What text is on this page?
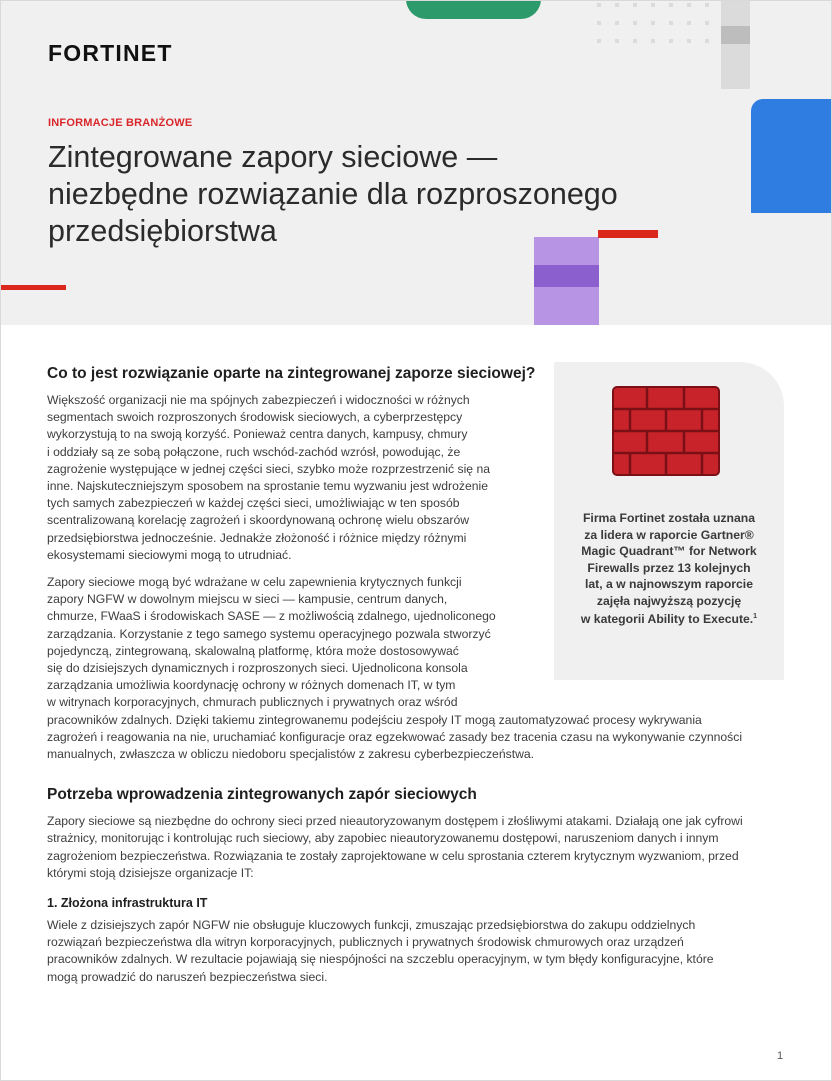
FORTINET
INFORMACJE BRANŻOWE
Zintegrowane zapory sieciowe —
niezbędne rozwiązanie dla rozproszonego
przedsiębiorstwa
Firma Fortinet została uznana
za lidera w raporcie Gartner®
Magic Quadrant™ for Network
Firewalls przez 13 kolejnych
lat, a w najnowszym raporcie
zajęła najwyższą pozycję
w kategorii Ability to Execute.$^1$
Co to jest rozwiązanie oparte na zintegrowanej zaporze sieciowej?

Większość organizacji nie ma spójnych zabezpieczeń i widoczności w różnych
segmentach swoich rozproszonych środowisk sieciowych, a cyberprzestępcy
wykorzystują to na swoją korzyść. Ponieważ centra danych, kampusy, chmury
i oddziały są ze sobą połączone, ruch wschód-zachód wzrósł, powodując, że
zagrożenie występujące w jednej części sieci, szybko może rozprzestrzenić się na
inne. Najskuteczniejszym sposobem na sprostanie temu wyzwaniu jest wdrożenie
tych samych zabezpieczeń w każdej części sieci, umożliwiając w ten sposób
scentralizowaną korelację zagrożeń i skoordynowaną ochronę wielu obszarów
przedsiębiorstwa jednocześnie. Jednakże złożoność i różnice między różnymi
ekosystemami sieciowymi mogą to utrudniać.

Zapory sieciowe mogą być wdrażane w celu zapewnienia krytycznych funkcji
zapory NGFW w dowolnym miejscu w sieci — kampusie, centrum danych,
chmurze, FWaaS i środowiskach SASE — z możliwością zdalnego, ujednoliconego
zarządzania. Korzystanie z tego samego systemu operacyjnego pozwala stworzyć
pojedynczą, zintegrowaną, skalowalną platformę, która może dostosowywać
się do dzisiejszych dynamicznych i rozproszonych sieci. Ujednolicona konsola
zarządzania umożliwia koordynację ochrony w różnych domenach IT, w tym
w witrynach korporacyjnych, chmurach publicznych i prywatnych oraz wśród
pracowników zdalnych. Dzięki takiemu zintegrowanemu podejściu zespoły IT mogą zautomatyzować procesy wykrywania
zagrożeń i reagowania na nie, uruchamiać konfiguracje oraz egzekwować zasady bez tracenia czasu na wykonywanie czynności
manualnych, zwłaszcza w obliczu niedoboru specjalistów z zakresu cyberbezpieczeństwa.

Potrzeba wprowadzenia zintegrowanych zapór sieciowych

Zapory sieciowe są niezbędne do ochrony sieci przed nieautoryzowanym dostępem i złośliwymi atakami. Działają one jak cyfrowi
strażnicy, monitorując i kontrolując ruch sieciowy, aby zapobiec nieautoryzowanemu dostępowi, naruszeniom danych i innym
zagrożeniom bezpieczeństwa. Rozwiązania te zostały zaprojektowane w celu sprostania czterem krytycznym wyzwaniom, przed
którymi stoją dzisiejsze organizacje IT:

1. Złożona infrastruktura IT

Wiele z dzisiejszych zapór NGFW nie obsługuje kluczowych funkcji, zmuszając przedsiębiorstwa do zakupu oddzielnych
rozwiązań bezpieczeństwa dla witryn korporacyjnych, publicznych i prywatnych środowisk chmurowych oraz urządzeń
pracowników zdalnych. W rezultacie pojawiają się niespójności na szczeblu operacyjnym, w tym błędy konfiguracyjne, które
mogą prowadzić do naruszeń bezpieczeństwa sieci.

1
